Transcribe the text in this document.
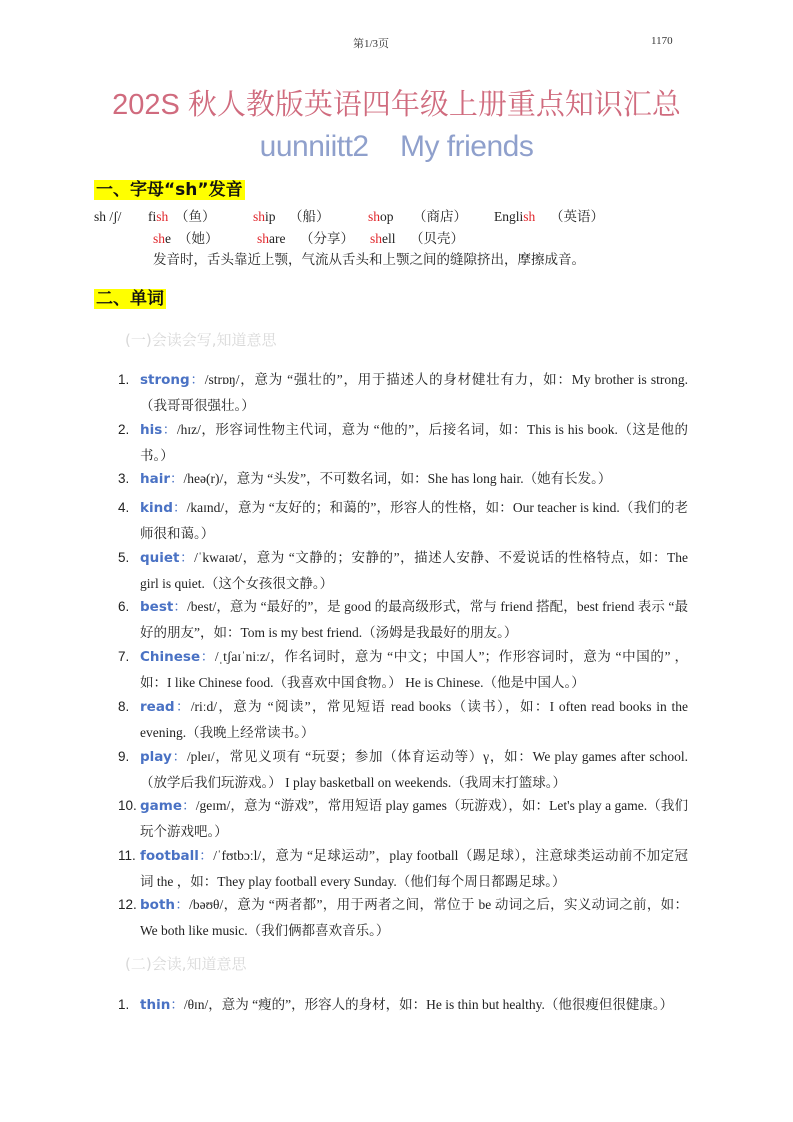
第1/3页	1170
202S 秋人教版英语四年级上册重点知识汇总
uunniitt2 My friends
一、字母“sh”发音
sh /ʃ/ fish （鱼）	ship （船）	shop （商店） English （英语）
she （她）	share （分享） shell （贝壳）
发音时，舌头靠近上颚，气流从舌头和上颚之间的缝隙挤出，摩擦成音。
二、单词
(一)会读会写,知道意思
1. strong：/strɒŋ/，意为 “强壮的”，用于描述人的身材健壮有力，如：My brother is strong.（我哥哥很强壮。）
2. his：/hɪz/，形容词性物主代词，意为 “他的”，后接名词，如：This is his book.（这是他的书。）
3. hair：/heə(r)/，意为 “头发”，不可数名词，如：She has long hair.（她有长发。）
4. kind：/kaɪnd/，意为 “友好的；和蔼的”，形容人的性格，如：Our teacher is kind.（我们的老师很和蔼。）
5. quiet：/ˈkwaɪət/，意为 “文静的；安静的”，描述人安静、不爱说话的性格特点，如：The girl is quiet.（这个女孩很文静。）
6. best：/best/，意为 “最好的”，是 good 的最高级形式，常与 friend 搭配，best friend 表示 “最好的朋友”，如：Tom is my best friend.（汤姆是我最好的朋友。）
7. Chinese：/ˌtʃaɪˈniːz/，作名词时，意为 “中文；中国人”；作形容词时，意为 “中国的” ，如：I like Chinese food.（我喜欢中国食物。） He is Chinese.（他是中国人。）
8. read：/riːd/，意为 “阅读”，常见短语 read books（读书），如：I often read books in the evening.（我晚上经常读书。）
9. play：/pleɪ/，常见义项有 “玩耍；参加（体育运动等）γ，如：We play games after school.（放学后我们玩游戏。） I play basketball on weekends.（我周末打篮球。）
10. game：/geɪm/，意为 “游戏”，常用短语 play games（玩游戏），如：Let's play a game.（我们玩个游戏吧。）
11. football：/ˈfʊtbɔːl/，意为 “足球运动”，play football（踢足球），注意球类运动前不加定冠词 the ，如：They play football every Sunday.（他们每个周日都踢足球。）
12. both：/bəʊθ/，意为 “两者都”，用于两者之间，常位于 be 动词之后，实义动词之前，如：We both like music.（我们俩都喜欢音乐。）
(二)会读,知道意思
1. thin：/θɪn/，意为 “瘦的”，形容人的身材，如：He is thin but healthy.（他很瘦但很健康。）
